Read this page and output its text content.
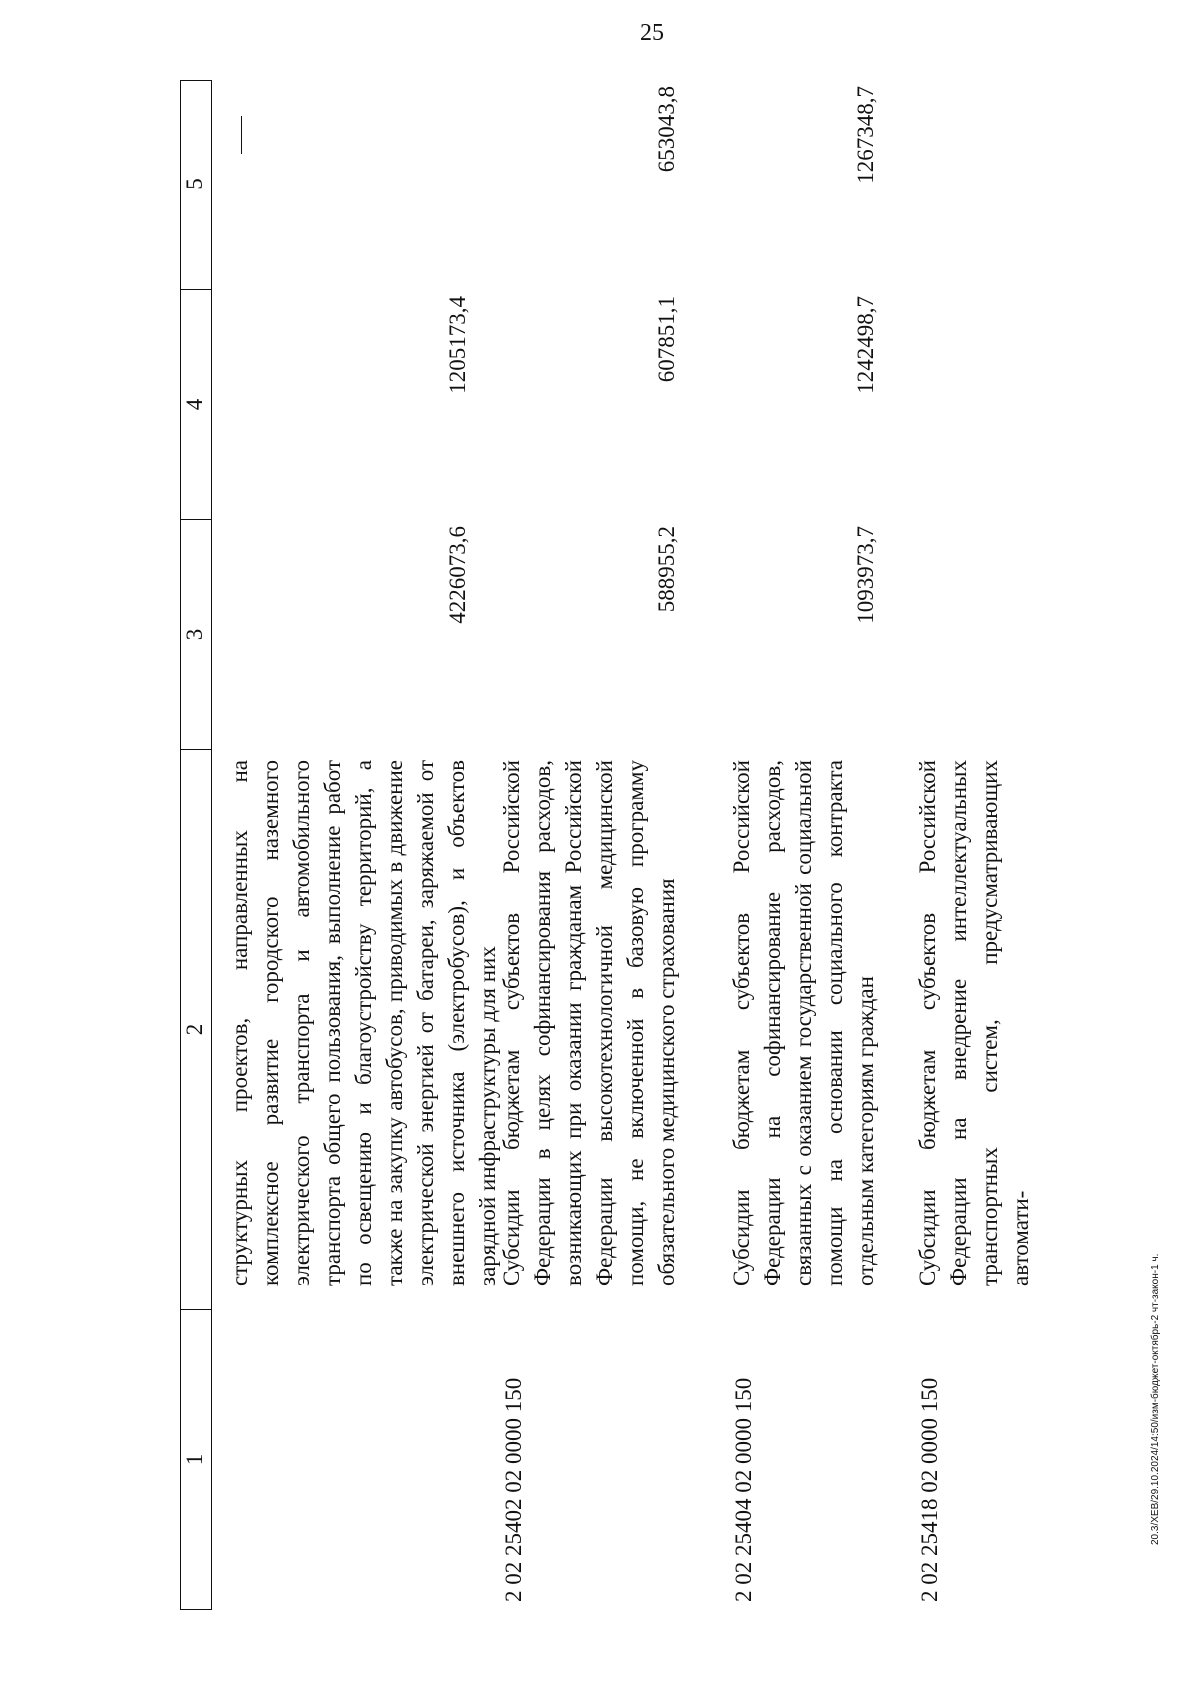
25
1
2
3
4
5

структурных проектов, направленных на комплексное развитие городского наземного электрического транспорта и автомобильного транспорта общего пользования, выполнение работ по освещению и благоустройству территорий, а также на закупку автобусов, приводимых в движение электрической энергией от батареи, заряжаемой от внешнего источника (электробусов), и объектов зарядной инфраструктуры для них

4226073,6
1205173,4
2 02 25402 02 0000 150

Субсидии бюджетам субъектов Российской Федерации в целях софинансирования расходов, возникающих при оказании гражданам Российской Федерации высокотехнологичной медицинской помощи, не включенной в базовую программу обязательного медицинского страхования

588955,2
607851,1
653043,8
2 02 25404 02 0000 150

Субсидии бюджетам субъектов Российской Федерации на софинансирование расходов, связанных с оказанием государственной социальной помощи на основании социального контракта отдельным категориям граждан

1093973,7
1242498,7
1267348,7
2 02 25418 02 0000 150

Субсидии бюджетам субъектов Российской Федерации на внедрение интеллектуальных транспортных систем, предусматривающих автомати-

20.3/ХЕВ/29.10.2024/14:50/изм-бюджет-октябрь-2 чт-закон-1 ч.
